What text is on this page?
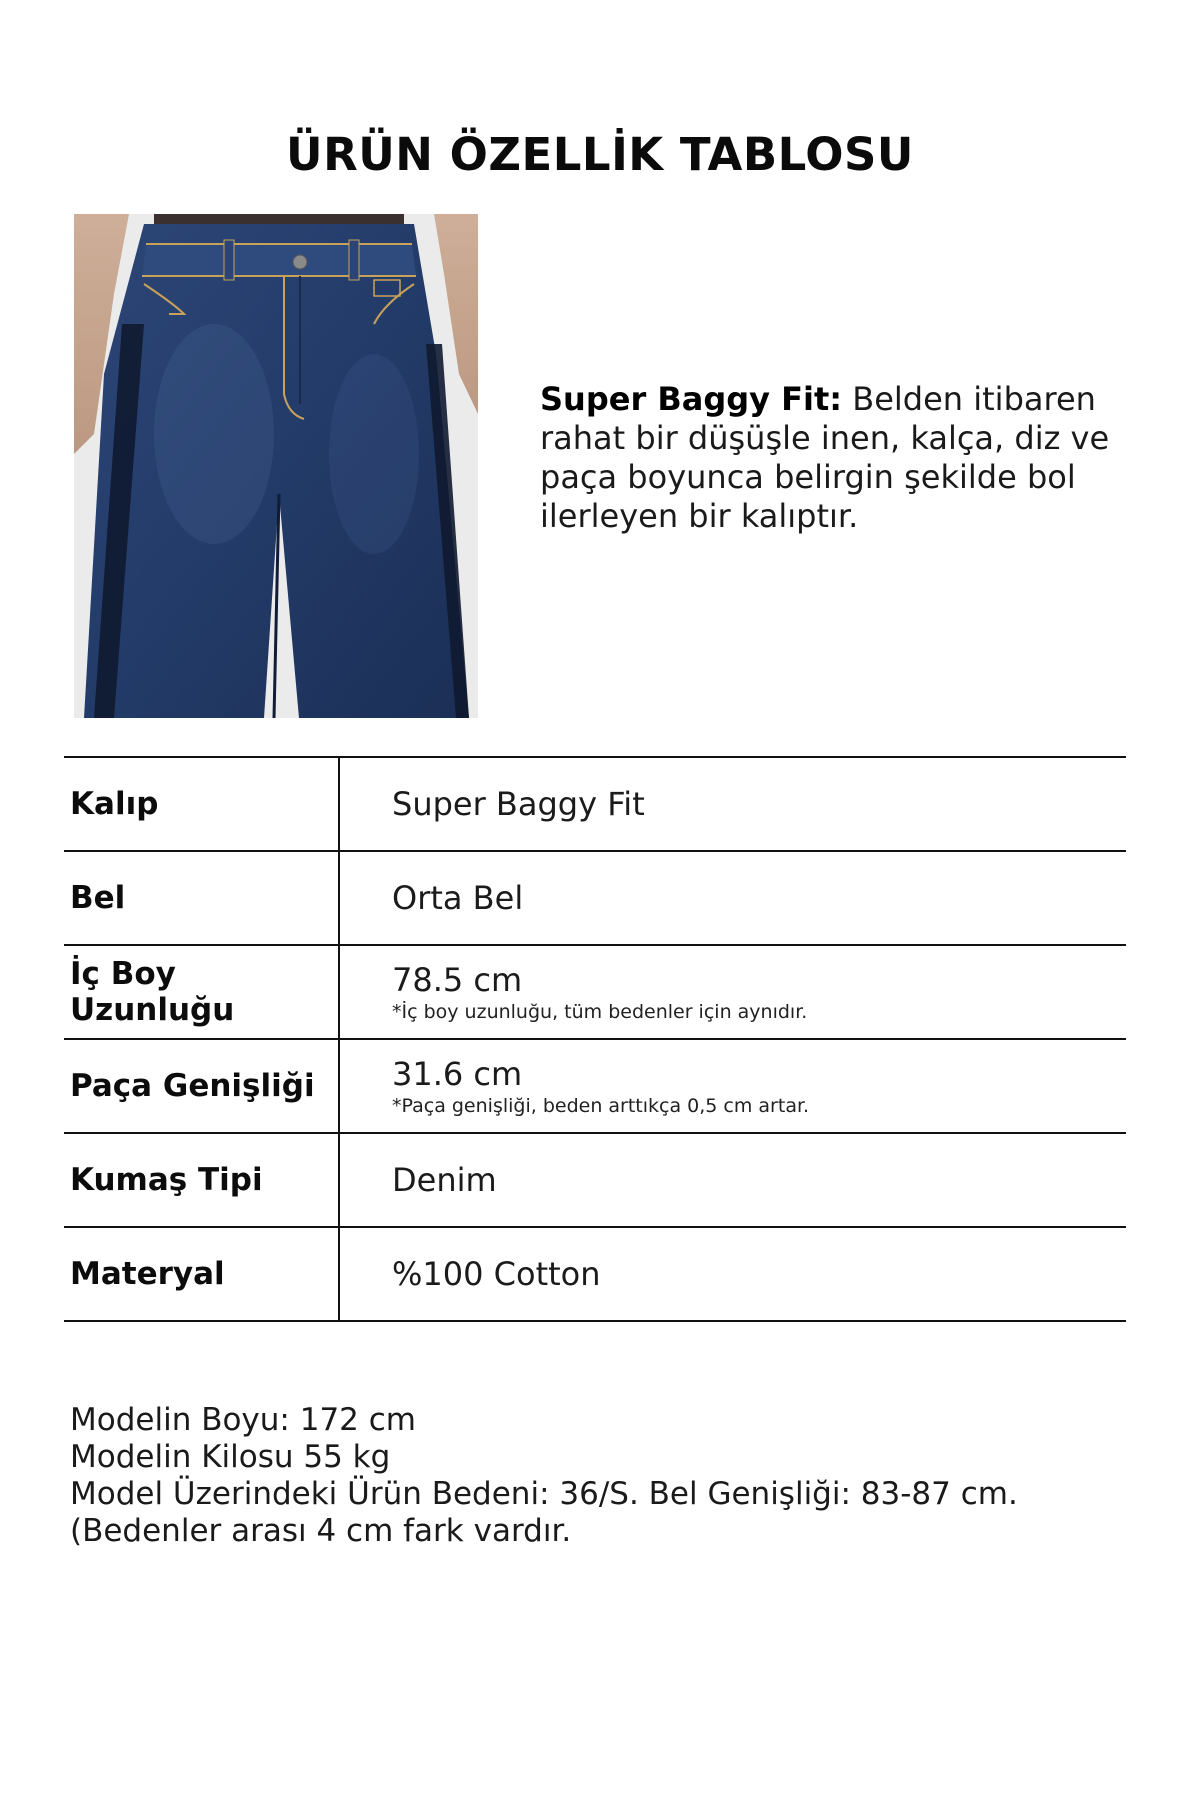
ÜRÜN ÖZELLİK TABLOSU
Super Baggy Fit: Belden itibaren rahat bir düşüşle inen, kalça, diz ve paça boyunca belirgin şekilde bol ilerleyen bir kalıptır.
Kalıp	Super Baggy Fit
Bel	Orta Bel
İç Boy Uzunluğu	78.5 cm
*İç boy uzunluğu, tüm bedenler için aynıdır.

Paça Genişliği	31.6 cm
*Paça genişliği, beden arttıkça 0,5 cm artar.

Kumaş Tipi	Denim
Materyal	%100 Cotton
Modelin Boyu: 172 cm
Modelin Kilosu 55 kg
Model Üzerindeki Ürün Bedeni: 36/S. Bel Genişliği: 83-87 cm. (Bedenler arası 4 cm fark vardır.
